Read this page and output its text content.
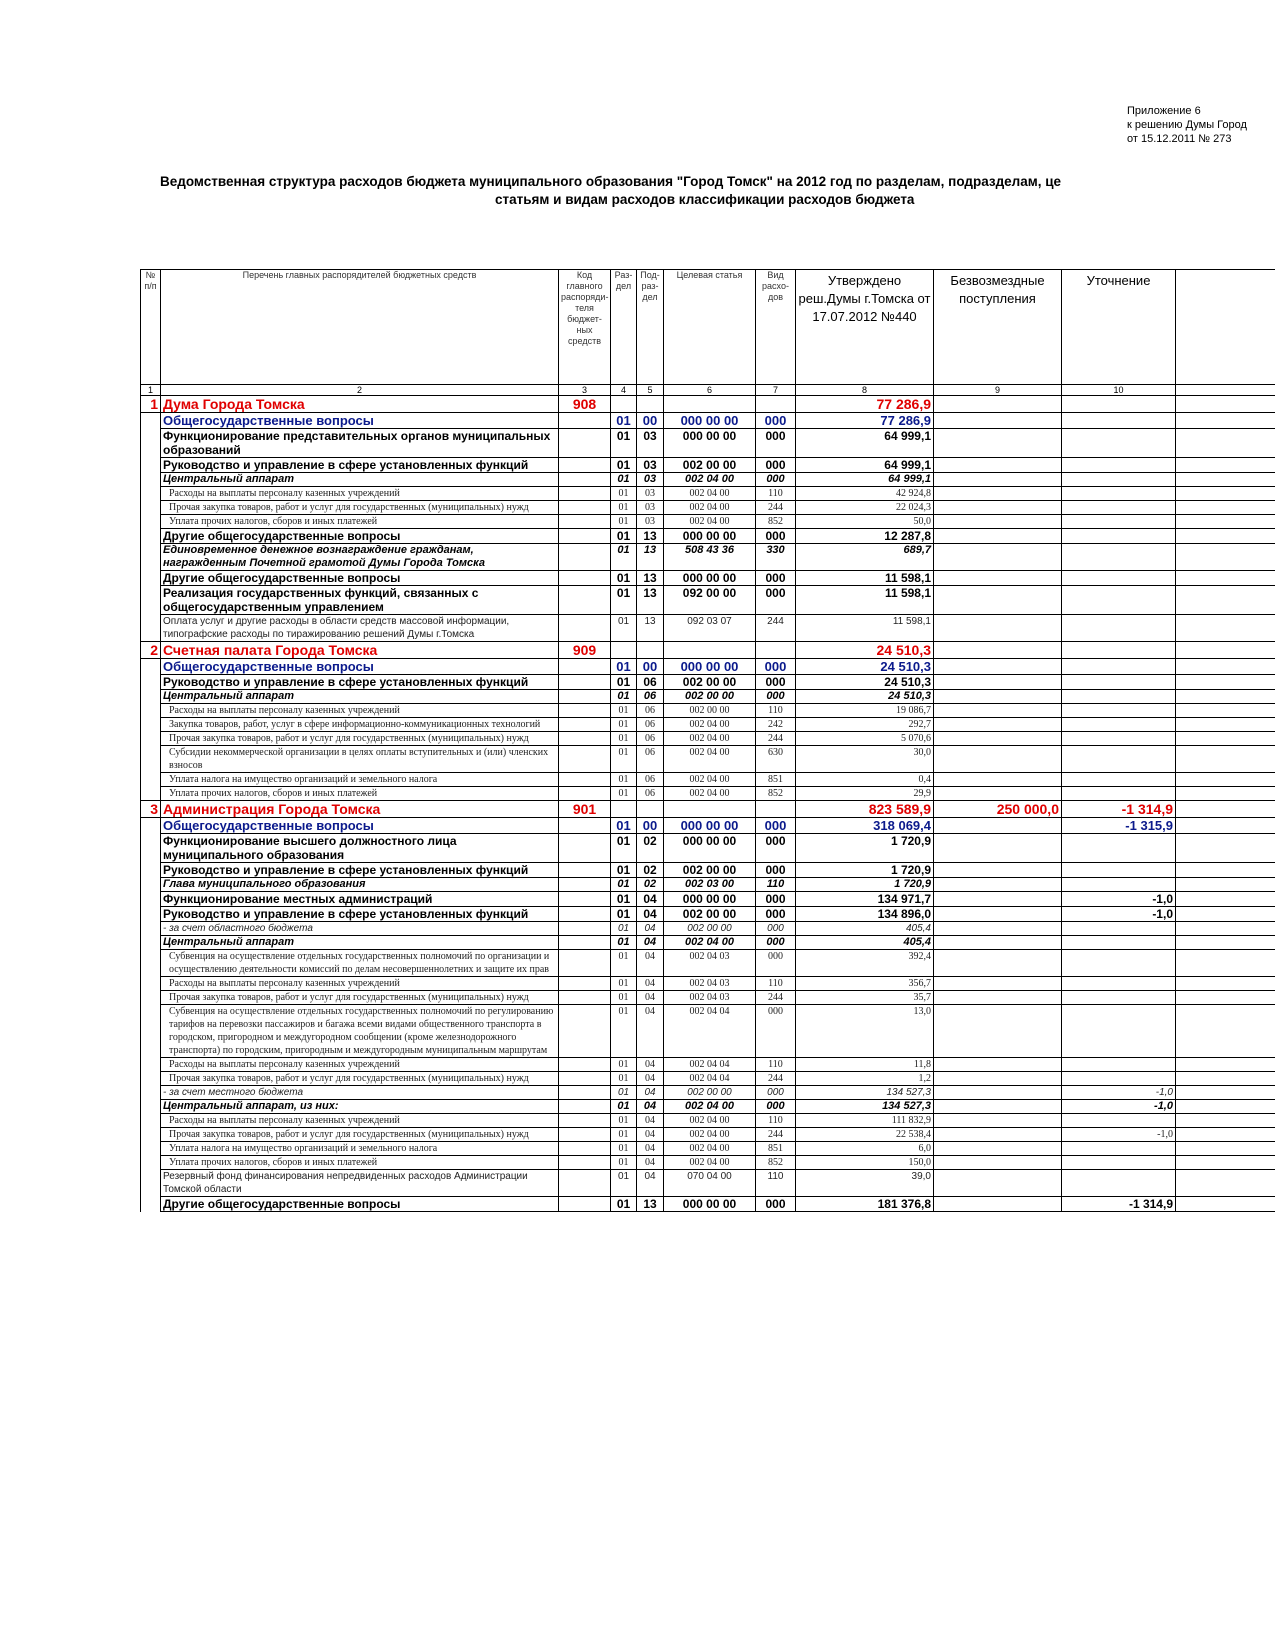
Приложение 6
к решению Думы Город
от 15.12.2011 № 273
Ведомственная структура расходов бюджета муниципального образования "Город Томск" на 2012 год по разделам, подразделам, це
статьям и видам расходов классификации расходов бюджета
№ п/п	Перечень главных распорядителей бюджетных средств	Код главного распоряди-теля бюджет-ных средств	Раз-дел	Под-раз-дел	Целевая статья	Вид расхо-дов	Утверждено реш.Думы г.Томска от 17.07.2012 №440	Безвозмездные поступления	Уточнение	
1	2	3	4	5	6	7	8	9	10	
1	Дума Города Томска	908					77 286,9			
	Общегосударственные вопросы		01	00	000 00 00	000	77 286,9			
	Функционирование представительных органов муниципальных образований		01	03	000 00 00	000	64 999,1			
	Руководство и управление в сфере установленных функций		01	03	002 00 00	000	64 999,1			
	Центральный аппарат		01	03	002 04 00	000	64 999,1			
	Расходы на выплаты персоналу казенных учреждений		01	03	002 04 00	110	42 924,8			
	Прочая закупка товаров, работ и услуг для государственных (муниципальных) нужд		01	03	002 04 00	244	22 024,3			
	Уплата прочих налогов, сборов и иных платежей		01	03	002 04 00	852	50,0			
	Другие общегосударственные вопросы		01	13	000 00 00	000	12 287,8			
	Единовременное денежное вознаграждение гражданам, награжденным Почетной грамотой Думы Города Томска		01	13	508 43 36	330	689,7			
	Другие общегосударственные вопросы		01	13	000 00 00	000	11 598,1			
	Реализация государственных функций, связанных с общегосударственным управлением		01	13	092 00 00	000	11 598,1			
	Оплата услуг и другие расходы в области средств массовой информации, типографские расходы по тиражированию решений Думы г.Томска		01	13	092 03 07	244	11 598,1			
2	Счетная палата Города Томска	909					24 510,3			
	Общегосударственные вопросы		01	00	000 00 00	000	24 510,3			
	Руководство и управление в сфере установленных функций		01	06	002 00 00	000	24 510,3			
	Центральный аппарат		01	06	002 00 00	000	24 510,3			
	Расходы на выплаты персоналу казенных учреждений		01	06	002 00 00	110	19 086,7			
	Закупка товаров, работ, услуг в сфере информационно-коммуникационных технологий		01	06	002 04 00	242	292,7			
	Прочая закупка товаров, работ и услуг для государственных (муниципальных) нужд		01	06	002 04 00	244	5 070,6			
	Субсидии некоммерческой организации в целях оплаты вступительных и (или) членских взносов		01	06	002 04 00	630	30,0			
	Уплата налога на имущество организаций и земельного налога		01	06	002 04 00	851	0,4			
	Уплата прочих налогов, сборов и иных платежей		01	06	002 04 00	852	29,9			
3	Администрация Города Томска	901					823 589,9	250 000,0	-1 314,9	
	Общегосударственные вопросы		01	00	000 00 00	000	318 069,4		-1 315,9	
	Функционирование высшего должностного лица муниципального образования		01	02	000 00 00	000	1 720,9			
	Руководство и управление в сфере установленных функций		01	02	002 00 00	000	1 720,9			
	Глава муниципального образования		01	02	002 03 00	110	1 720,9			
	Функционирование местных администраций		01	04	000 00 00	000	134 971,7		-1,0	
	Руководство и управление в сфере установленных функций		01	04	002 00 00	000	134 896,0		-1,0	
	- за счет областного бюджета		01	04	002 00 00	000	405,4			
	Центральный аппарат		01	04	002 04 00	000	405,4			
	Субвенция на осуществление отдельных государственных полномочий по организации и осуществлению деятельности комиссий по делам несовершеннолетних и защите их прав		01	04	002 04 03	000	392,4			
	Расходы на выплаты персоналу казенных учреждений		01	04	002 04 03	110	356,7			
	Прочая закупка товаров, работ и услуг для государственных (муниципальных) нужд		01	04	002 04 03	244	35,7			
	Субвенция на осуществление отдельных государственных полномочий по регулированию тарифов на перевозки пассажиров и багажа всеми видами общественного транспорта в городском, пригородном и междугородном сообщении (кроме железнодорожного транспорта) по городским, пригородным и междугородным муниципальным маршрутам		01	04	002 04 04	000	13,0			
	Расходы на выплаты персоналу казенных учреждений		01	04	002 04 04	110	11,8			
	Прочая закупка товаров, работ и услуг для государственных (муниципальных) нужд		01	04	002 04 04	244	1,2			
	- за счет местного бюджета		01	04	002 00 00	000	134 527,3		-1,0	
	Центральный аппарат, из них:		01	04	002 04 00	000	134 527,3		-1,0	
	Расходы на выплаты персоналу казенных учреждений		01	04	002 04 00	110	111 832,9			
	Прочая закупка товаров, работ и услуг для государственных (муниципальных) нужд		01	04	002 04 00	244	22 538,4		-1,0	
	Уплата налога на имущество организаций и земельного налога		01	04	002 04 00	851	6,0			
	Уплата прочих налогов, сборов и иных платежей		01	04	002 04 00	852	150,0			
	Резервный фонд финансирования непредвиденных расходов Администрации Томской области		01	04	070 04 00	110	39,0			
	Другие общегосударственные вопросы		01	13	000 00 00	000	181 376,8		-1 314,9	
